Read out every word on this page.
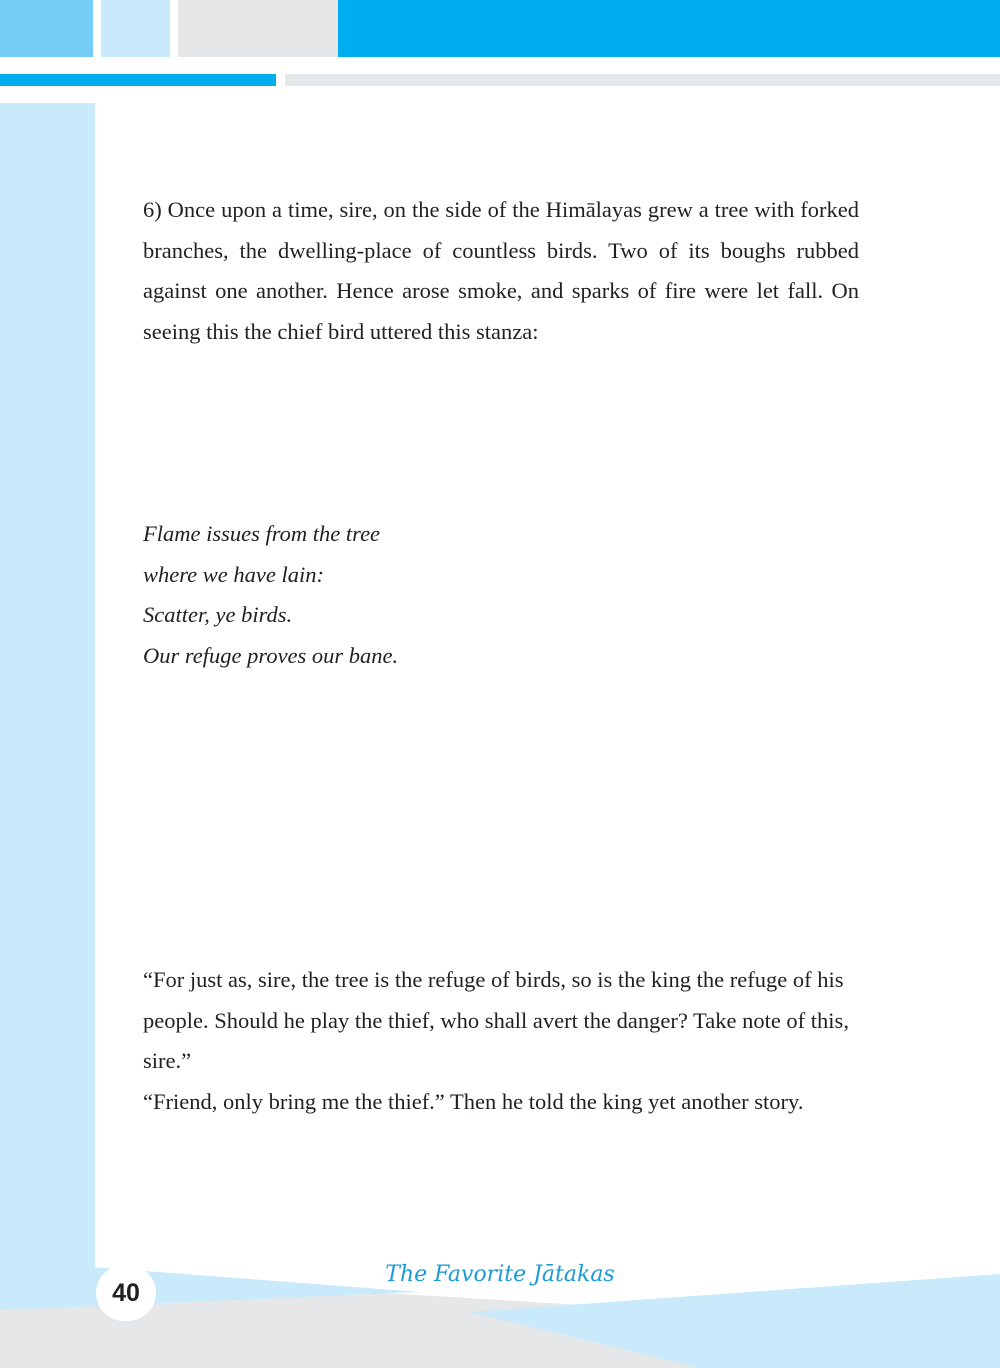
6) Once upon a time, sire, on the side of the Himālayas grew a tree with forked branches, the dwelling-place of countless birds. Two of its boughs rubbed against one another. Hence arose smoke, and sparks of fire were let fall. On seeing this the chief bird uttered this stanza:

Flame issues from the tree
where we have lain:
Scatter, ye birds.
Our refuge proves our bane.

“For just as, sire, the tree is the refuge of birds, so is the king the refuge of his people. Should he play the thief, who shall avert the danger? Take note of this, sire.”

“Friend, only bring me the thief.” Then he told the king yet another story.

40
The Favorite Jātakas
